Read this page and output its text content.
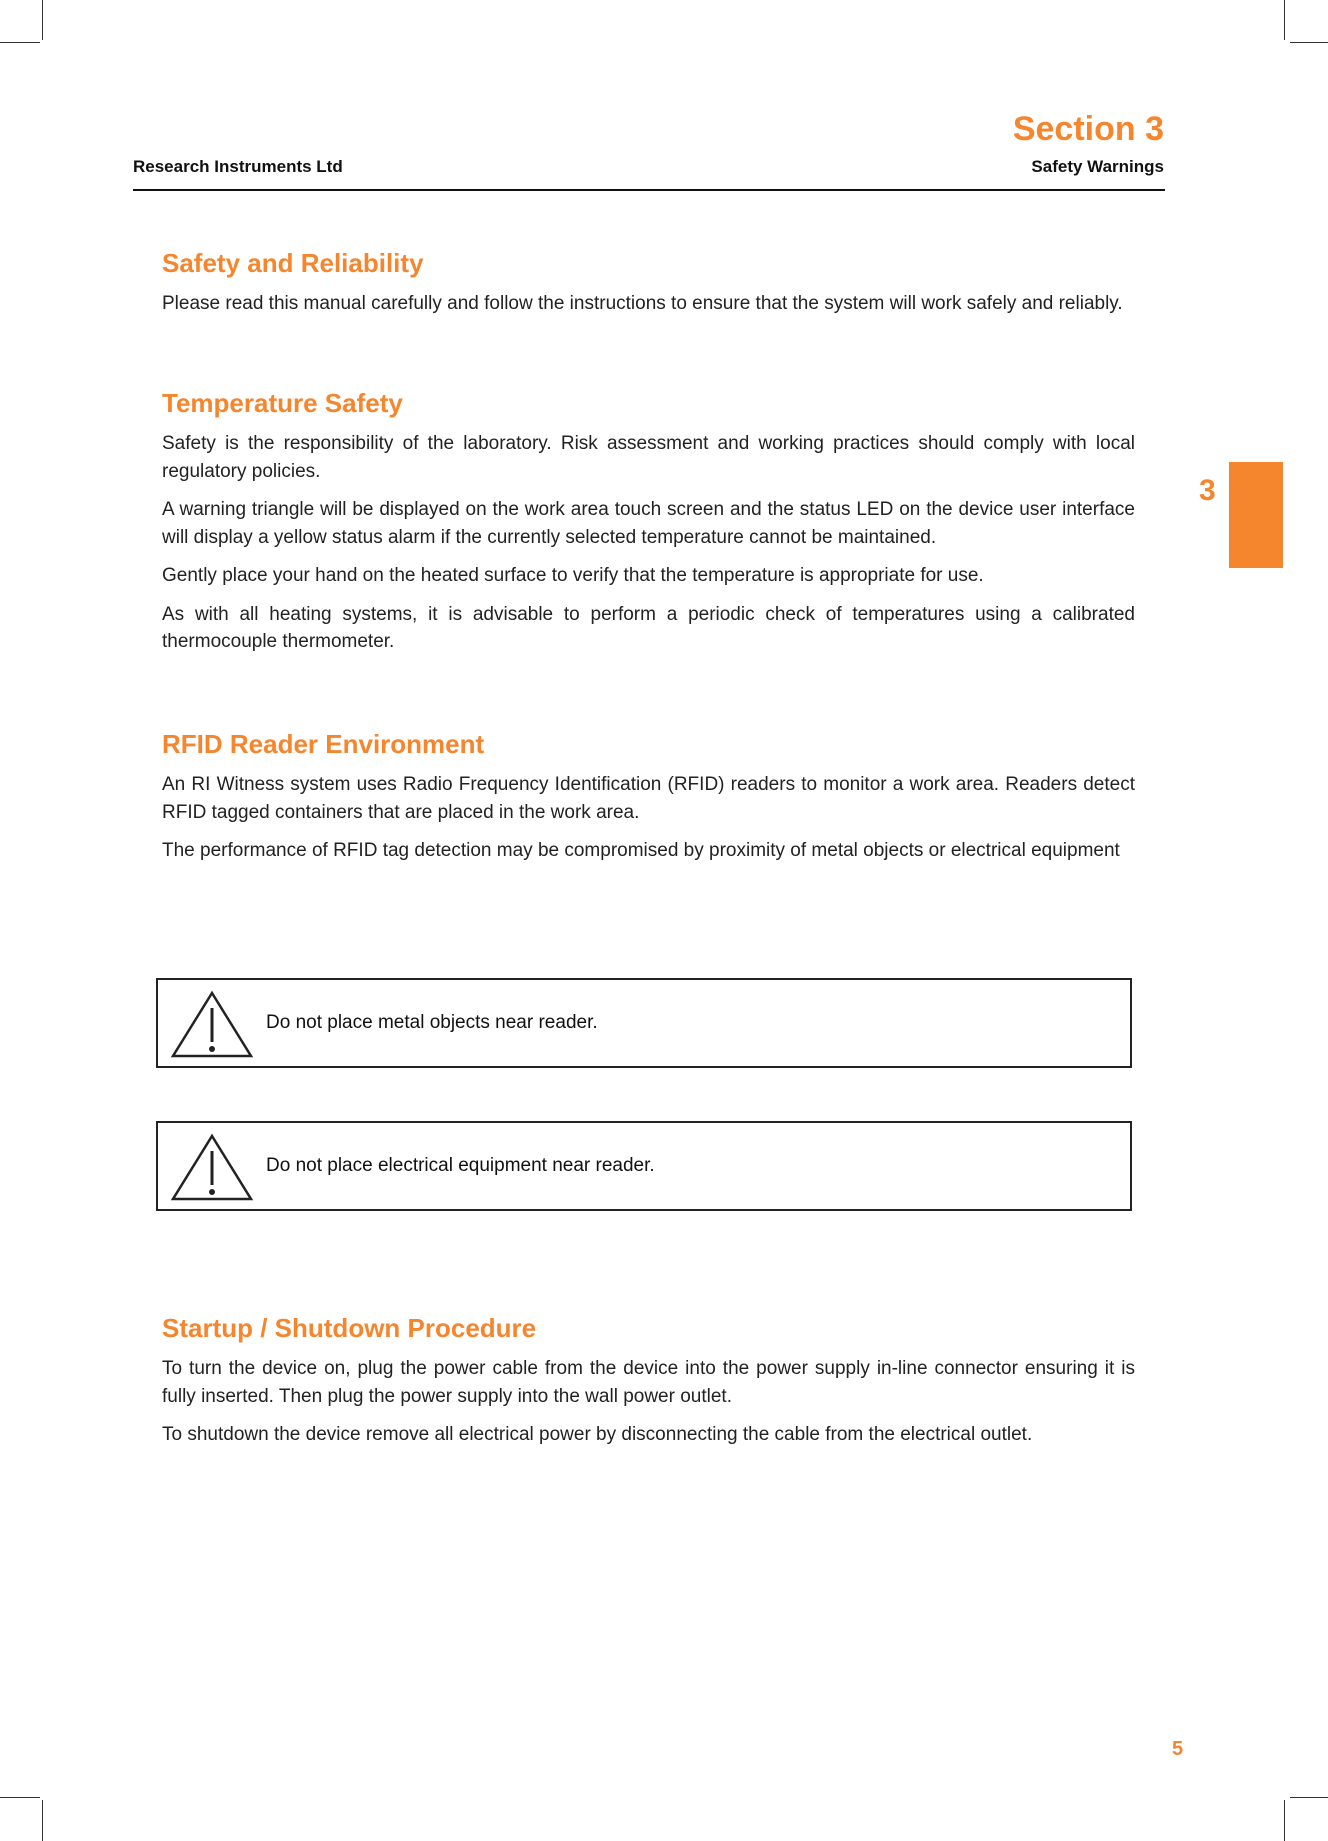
Section 3
Research Instruments Ltd	Safety Warnings
3
Safety and Reliability

Please read this manual carefully and follow the instructions to ensure that the system will work safely and reliably.

Temperature Safety

Safety is the responsibility of the laboratory. Risk assessment and working practices should comply with local regulatory policies.

A warning triangle will be displayed on the work area touch screen and the status LED on the device user interface will display a yellow status alarm if the currently selected temperature cannot be maintained.

Gently place your hand on the heated surface to verify that the temperature is appropriate for use.

As with all heating systems, it is advisable to perform a periodic check of temperatures using a calibrated thermocouple thermometer.

RFID Reader Environment

An RI Witness system uses Radio Frequency Identification (RFID) readers to monitor a work area. Readers detect RFID tagged containers that are placed in the work area.

The performance of RFID tag detection may be compromised by proximity of metal objects or electrical equipment

Do not place metal objects near reader.
Do not place electrical equipment near reader.
Startup / Shutdown Procedure

To turn the device on, plug the power cable from the device into the power supply in-line connector ensuring it is fully inserted. Then plug the power supply into the wall power outlet.

To shutdown the device remove all electrical power by disconnecting the cable from the electrical outlet.

5
